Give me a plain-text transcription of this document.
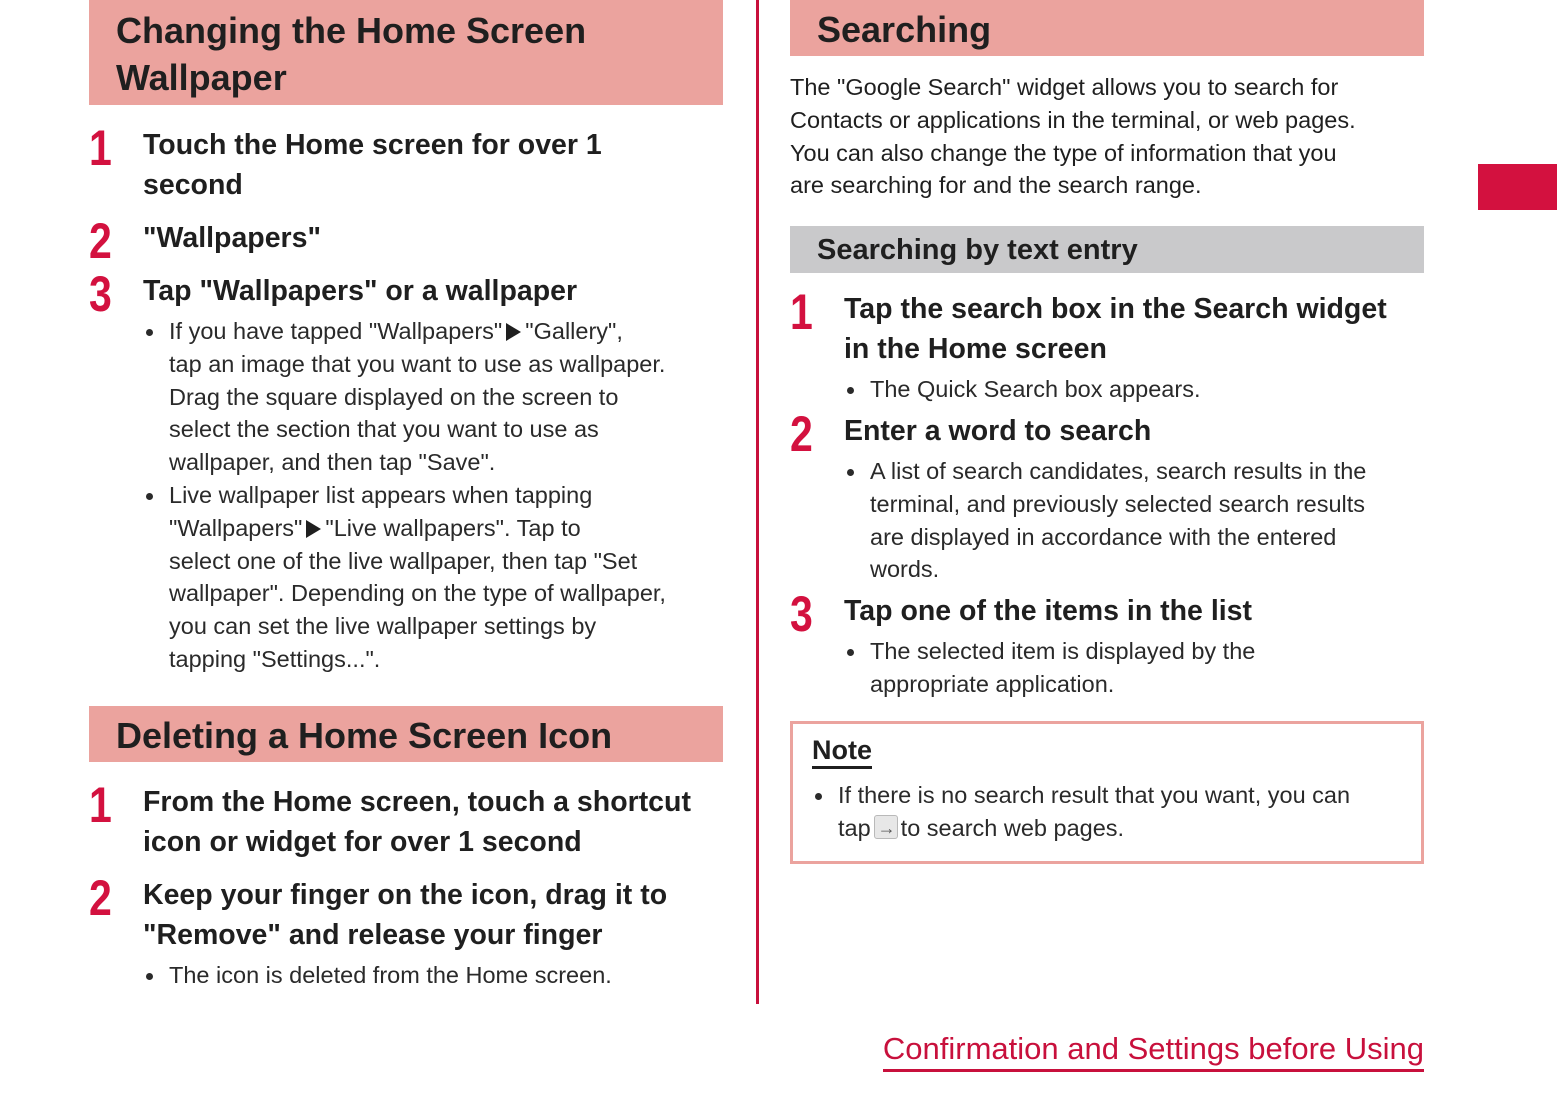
Changing the Home Screen
Wallpaper
1	Touch the Home screen for over 1
second

2	"Wallpapers"

3	Tap "Wallpapers" or a wallpaper

If you have tapped "Wallpapers" "Gallery",
tap an image that you want to use as wallpaper.
Drag the square displayed on the screen to
select the section that you want to use as
wallpaper, and then tap "Save".
Live wallpaper list appears when tapping
"Wallpapers" "Live wallpapers". Tap to
select one of the live wallpaper, then tap "Set
wallpaper". Depending on the type of wallpaper,
you can set the live wallpaper settings by
tapping "Settings...".
Deleting a Home Screen Icon
1	From the Home screen, touch a shortcut
icon or widget for over 1 second

2	Keep your finger on the icon, drag it to
"Remove" and release your finger

The icon is deleted from the Home screen.
Searching

The "Google Search" widget allows you to search for
Contacts or applications in the terminal, or web pages.
You can also change the type of information that you
are searching for and the search range.

Searching by text entry
1	Tap the search box in the Search widget
in the Home screen

The Quick Search box appears.
2	Enter a word to search

A list of search candidates, search results in the
terminal, and previously selected search results
are displayed in accordance with the entered
words.
3	Tap one of the items in the list

The selected item is displayed by the
appropriate application.
Note
If there is no search result that you want, you can
tap→ to search web pages.
Confirmation and Settings before Using
